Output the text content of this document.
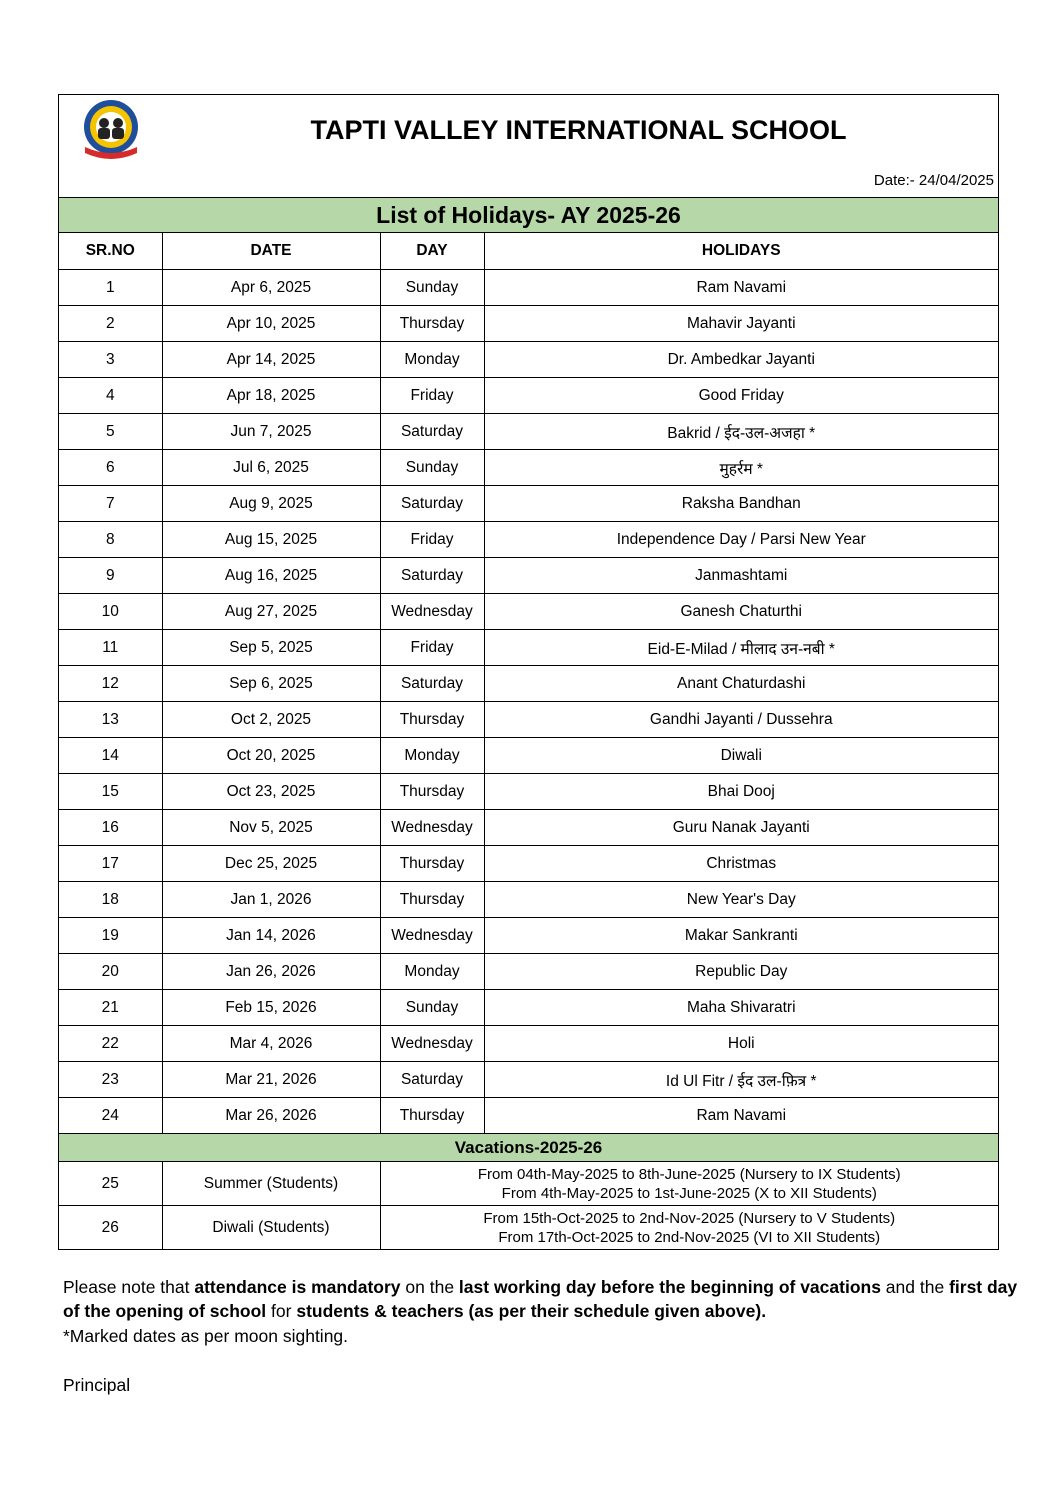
TAPTI VALLEY INTERNATIONAL SCHOOL
Date:- 24/04/2025
List of Holidays- AY 2025-26
SR.NO	DATE	DAY	HOLIDAYS
1	Apr 6, 2025	Sunday	Ram Navami
2	Apr 10, 2025	Thursday	Mahavir Jayanti
3	Apr 14, 2025	Monday	Dr. Ambedkar Jayanti
4	Apr 18, 2025	Friday	Good Friday
5	Jun 7, 2025	Saturday	Bakrid / ईद-उल-अजहा *
6	Jul 6, 2025	Sunday	मुहर्रम *
7	Aug 9, 2025	Saturday	Raksha Bandhan
8	Aug 15, 2025	Friday	Independence Day / Parsi New Year
9	Aug 16, 2025	Saturday	Janmashtami
10	Aug 27, 2025	Wednesday	Ganesh Chaturthi
11	Sep 5, 2025	Friday	Eid-E-Milad / मीलाद उन-नबी *
12	Sep 6, 2025	Saturday	Anant Chaturdashi
13	Oct 2, 2025	Thursday	Gandhi Jayanti / Dussehra
14	Oct 20, 2025	Monday	Diwali
15	Oct 23, 2025	Thursday	Bhai Dooj
16	Nov 5, 2025	Wednesday	Guru Nanak Jayanti
17	Dec 25, 2025	Thursday	Christmas
18	Jan 1, 2026	Thursday	New Year's Day
19	Jan 14, 2026	Wednesday	Makar Sankranti
20	Jan 26, 2026	Monday	Republic Day
21	Feb 15, 2026	Sunday	Maha Shivaratri
22	Mar 4, 2026	Wednesday	Holi
23	Mar 21, 2026	Saturday	Id Ul Fitr / ईद उल-फ़ित्र *
24	Mar 26, 2026	Thursday	Ram Navami
Vacations-2025-26			
25	Summer (Students)	From 04th-May-2025 to 8th-June-2025 (Nursery to IX Students)
From 4th-May-2025 to 1st-June-2025 (X to XII Students)	

26	Diwali (Students)	From 15th-Oct-2025 to 2nd-Nov-2025 (Nursery to V Students)
From 17th-Oct-2025 to 2nd-Nov-2025 (VI to XII Students)	
Please note that attendance is mandatory on the last working day before the beginning of vacations and the first day of the opening of school for students & teachers (as per their schedule given above).
*Marked dates as per moon sighting.
Principal
